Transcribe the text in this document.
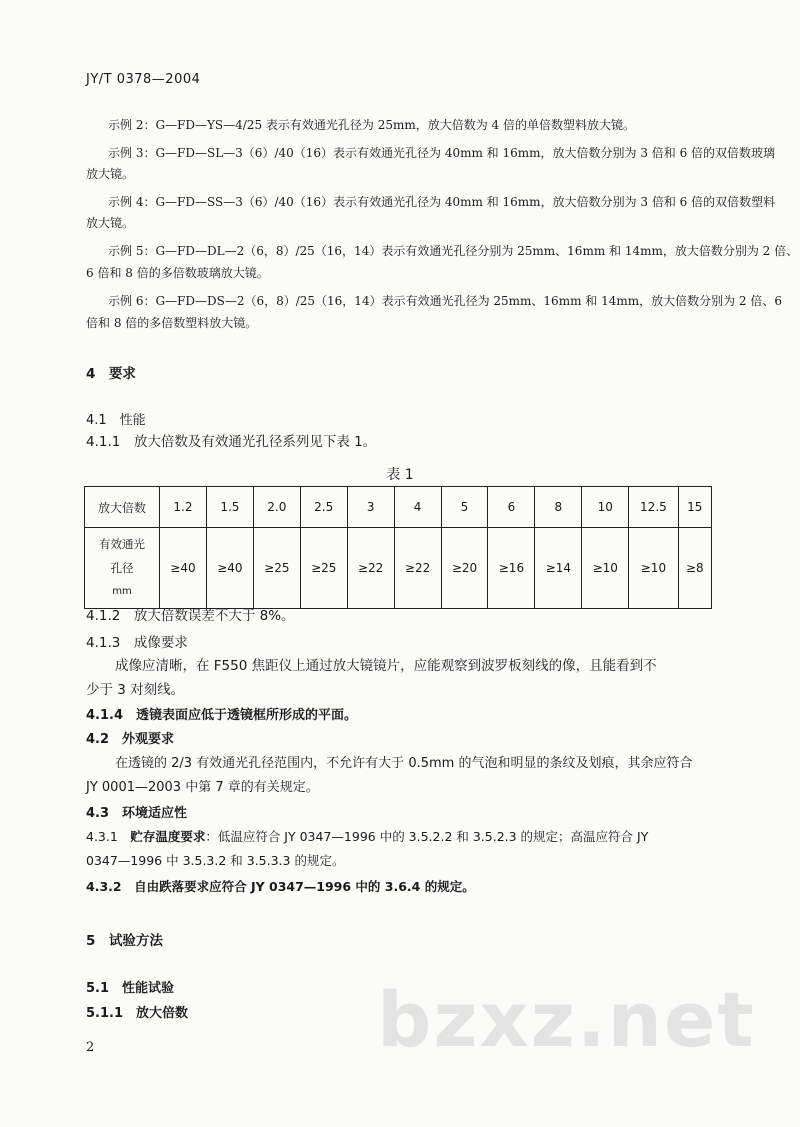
JY/T 0378—2004
示例 2：G—FD—YS—4/25 表示有效通光孔径为 25mm，放大倍数为 4 倍的单倍数塑料放大镜。
示例 3：G—FD—SL—3（6）/40（16）表示有效通光孔径为 40mm 和 16mm，放大倍数分别为 3 倍和 6 倍的双倍数玻璃
放大镜。
示例 4：G—FD—SS—3（6）/40（16）表示有效通光孔径为 40mm 和 16mm，放大倍数分别为 3 倍和 6 倍的双倍数塑料
放大镜。
示例 5：G—FD—DL—2（6，8）/25（16，14）表示有效通光孔径分别为 25mm、16mm 和 14mm，放大倍数分别为 2 倍、
6 倍和 8 倍的多倍数玻璃放大镜。
示例 6：G—FD—DS—2（6，8）/25（16，14）表示有效通光孔径为 25mm、16mm 和 14mm，放大倍数分别为 2 倍、6
倍和 8 倍的多倍数塑料放大镜。
4　要求
4.1　性能
4.1.1　放大倍数及有效通光孔径系列见下表 1。
表 1
放大倍数	1.2	1.5	2.0	2.5	3	4	5	6	8	10	12.5	15

有效通光
孔径
mm	≥40	≥40	≥25	≥25	≥22	≥22	≥20	≥16	≥14	≥10	≥10	≥8
4.1.2　放大倍数误差不大于 8%。
4.1.3　成像要求
成像应清晰，在 F550 焦距仪上通过放大镜镜片，应能观察到波罗板刻线的像，且能看到不
少于 3 对刻线。
4.1.4　透镜表面应低于透镜框所形成的平面。
4.2　外观要求
在透镜的 2/3 有效通光孔径范围内，不允许有大于 0.5mm 的气泡和明显的条纹及划痕，其余应符合
JY 0001—2003 中第 7 章的有关规定。
4.3　环境适应性
4.3.1　贮存温度要求：低温应符合 JY 0347—1996 中的 3.5.2.2 和 3.5.2.3 的规定；高温应符合 JY
0347—1996 中 3.5.3.2 和 3.5.3.3 的规定。
4.3.2　自由跌落要求应符合 JY 0347—1996 中的 3.6.4 的规定。
5　试验方法
5.1　性能试验
5.1.1　放大倍数
2	bzxz.net
